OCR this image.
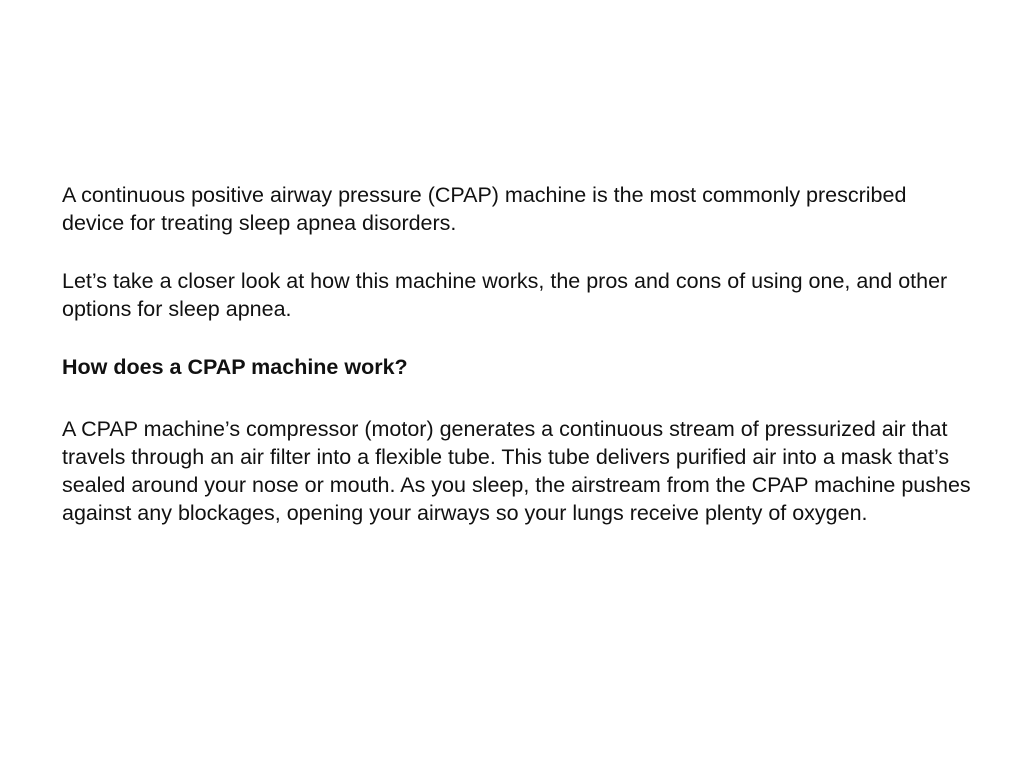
A continuous positive airway pressure (CPAP) machine is the most commonly prescribed device for treating sleep apnea disorders.

Let’s take a closer look at how this machine works, the pros and cons of using one, and other options for sleep apnea.

How does a CPAP machine work?

A CPAP machine’s compressor (motor) generates a continuous stream of pressurized air that travels through an air filter into a flexible tube. This tube delivers purified air into a mask that’s sealed around your nose or mouth. As you sleep, the airstream from the CPAP machine pushes against any blockages, opening your airways so your lungs receive plenty of oxygen.
